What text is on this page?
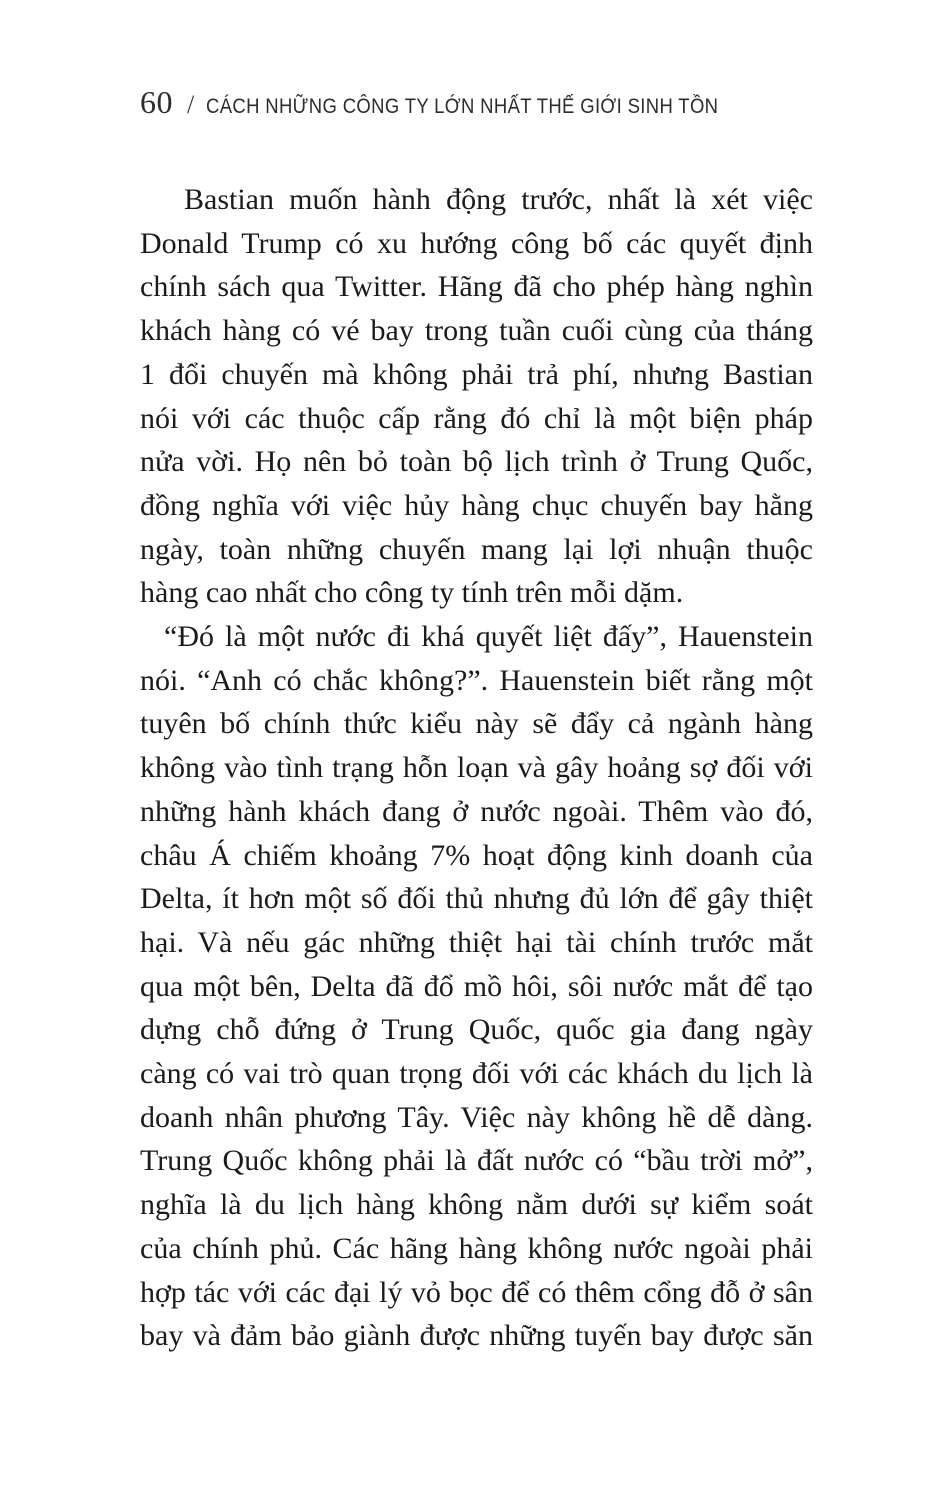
60 / CÁCH NHỮNG CÔNG TY LỚN NHẤT THẾ GIỚI SINH TỒN
Bastian muốn hành động trước, nhất là xét việc
Donald Trump có xu hướng công bố các quyết định
chính sách qua Twitter. Hãng đã cho phép hàng nghìn
khách hàng có vé bay trong tuần cuối cùng của tháng
1 đổi chuyến mà không phải trả phí, nhưng Bastian
nói với các thuộc cấp rằng đó chỉ là một biện pháp
nửa vời. Họ nên bỏ toàn bộ lịch trình ở Trung Quốc,
đồng nghĩa với việc hủy hàng chục chuyến bay hằng
ngày, toàn những chuyến mang lại lợi nhuận thuộc
hàng cao nhất cho công ty tính trên mỗi dặm.
“Đó là một nước đi khá quyết liệt đấy”, Hauenstein
nói. “Anh có chắc không?”. Hauenstein biết rằng một
tuyên bố chính thức kiểu này sẽ đẩy cả ngành hàng
không vào tình trạng hỗn loạn và gây hoảng sợ đối với
những hành khách đang ở nước ngoài. Thêm vào đó,
châu Á chiếm khoảng 7% hoạt động kinh doanh của
Delta, ít hơn một số đối thủ nhưng đủ lớn để gây thiệt
hại. Và nếu gác những thiệt hại tài chính trước mắt
qua một bên, Delta đã đổ mồ hôi, sôi nước mắt để tạo
dựng chỗ đứng ở Trung Quốc, quốc gia đang ngày
càng có vai trò quan trọng đối với các khách du lịch là
doanh nhân phương Tây. Việc này không hề dễ dàng.
Trung Quốc không phải là đất nước có “bầu trời mở”,
nghĩa là du lịch hàng không nằm dưới sự kiểm soát
của chính phủ. Các hãng hàng không nước ngoài phải
hợp tác với các đại lý vỏ bọc để có thêm cổng đỗ ở sân
bay và đảm bảo giành được những tuyến bay được săn
